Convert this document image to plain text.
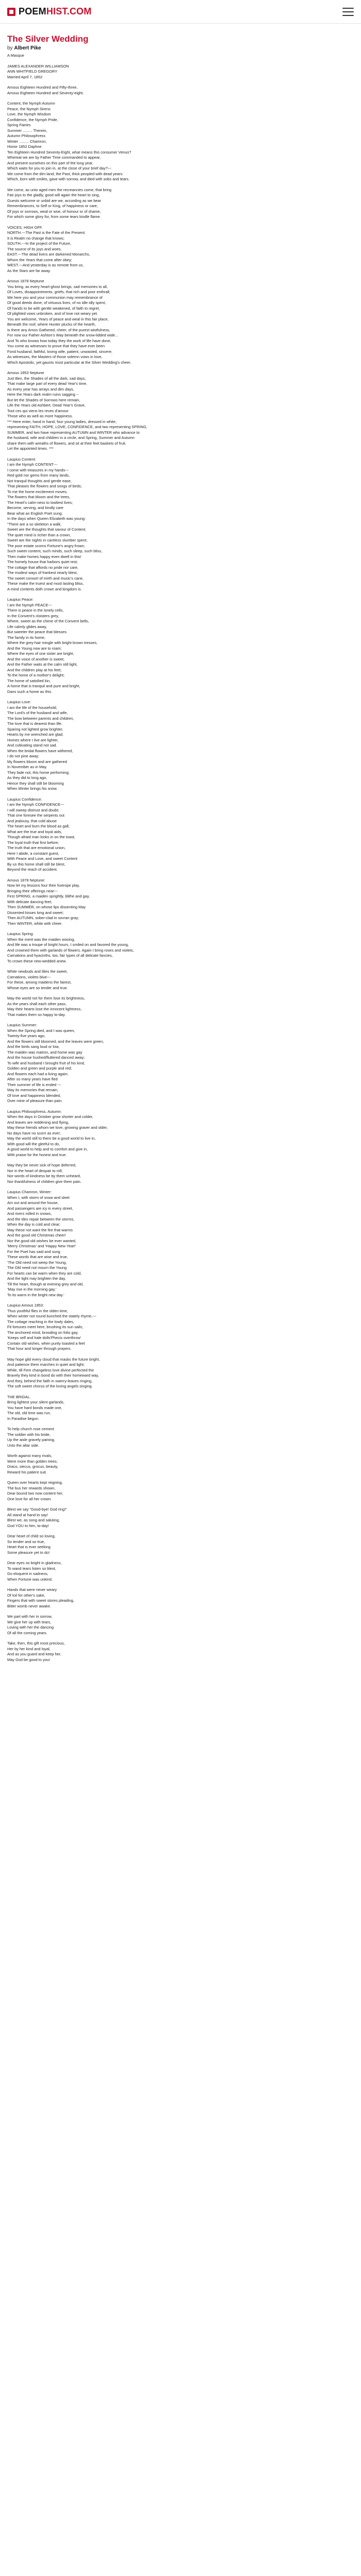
POEM HIST.COM
The Silver Wedding
by Albert Pike
A Masque
JAMES ALEXANDER WILLIAMSON
ANN WHITFIELD GREGORY
Married April 7, 1852
Amous Eighteen Hundred and Fifty-three,
Amous Eighteen Hundred and Seventy-eight.
Content, the Nymph Autumn
Peace, the Nymph Sirens
Love, the Nymph Wisdom
Confidence, the Nymph Pride,
Spring Fairies
Summer ......... Therein,
Autumn Philosophress
Winter ......... Chamron,
Honor 1852 Daphne
Ten Eighteen Hundred Seventy-Eight, what means this consumer Venus?
Whereat we are by Father Time commanded to appear,
And present ourselves on this part of the long year,
Which waits for you to join in, at the close of your brief day?---
We come from the dim land, the Past, thick peopled with dead years:
Which, born with smiles, gave with sorrow, and died with sobs and tears.
We come, as unto aged men the recreancies come, that bring
Fair joys to the gladly, good will again the heart to sing,
Guests welcome or unbid are we, according as we bear
Remembrances, to Self or King, of happiness or care,
Of joys or sorrows, weal or woe, of honour or of shame,
For which some glory for, from some tears kindle flame.
VOICES, HIGH OFF.
NORTH.---The Past is the Fate of the Present;
It is Realm no change that knows;
SOUTH.---In the project of the Future,
The source of its joys and woes.
EAST.---The dead livers are darkened Monarchs,
Whom the Years that come after obey;
WEST.---And yesterday is as remote from us,
As the Stars are far away.
Amous 1878 Neptune
You bring, as every heart-ghost brings, sad memories to all,
Of Loves, disappointments, griefs, that rich and poor enthrall;
We here you and your communion may remembrance of
Of good deeds done, of virtuous lives, of no idle idly spent,
Of hands to be with gentle weakened, of faith to regret,
Of plighted vows unbroken, and of love not weary yet.
You are welcome, Years of peace and weal in this fair place,
Beneath the roof, where Hunter plucks of the hearth,
Is there any Amos Gathered, cheer, of the purest wistfulness,
For now our Father Ashton's Way beneath the snow-lidded wide...
And To who knows how today they the work of life have done,
You come as witnesses to prove that they have ever been
Fond husband, faithful, loving wife, patient, unwasted, sincere;
As witnesses, the Masters of those solemn vows in love,
Which Apostolic, yet gaunts most particular at the Silver Wedding's cheer.
Amous 1853 Neptune
Just Ben, the Shades of all the dark, sad days,
That make large part of every dead Year's time,
As every year has arrays and dim days,
Here the Years dark realm ruins sagging --
But let the Shades of Sorrows here remain,
Life the Years old Ashbert, Dead Year's Grave,
Tout ces qui viens les reves d'amour
Those who as well as more happiness.
*** Here enter, hand in hand, four young ladies, dressed in white,
representing FAITH, HOPE, LOVE, CONFIDENCE, and two representing SPRING,
SUMMER, and two have representing AUTUMN and WINTER who advance to
the husband, wife and children in a circle, and Spring, Summer and Autumn
share them with wreaths of flowers, and sit at their feet baskets of fruit.
Let the appointed times. ***
Laupius Content:
I am the Nymph CONTENT---
I come with treasures in my hands---
Red gold nor gems from many lands,
Not tranquil thoughts and gentle ease,
That pleases the flowers and songs of birds;
To me the home excitement moves;
The flowers that bloom and the trees,
The Heart's calm-ness to lowliest lives;
Become, serving, and kindly care
Bear what an English Poet sung;
In the days when Queen Elizabeth was young:
"There are a so skeleton a walk,
Sweet are the thoughts that savour of Content;
The quiet mind is richer than a crown,
Sweet are the nights in careless slumber spent;
The poor estate scorns Fortune's angry frown;
Such sweet content, such minds, such sleep, such bliss,
Then make homes happy even dwell in this!
The homely house that harbors quiet rest;
The cottage that affords no pride nor care,
The modest ways of frankest nearly blest,
The sweet consort of mirth and music's cane,
These make the truest and most lasting bliss,
A mind contents doth crown and kingdom is.
Laupius Peace:
I am the Nymph PEACE---
There is peace in the lonely cells,
In the Convent's cloisters grey,
Where, sweet as the chime of the Convent bells,
Life calmly glides away,
But sweeter the peace that blesses
The family in its home,
Where the grey-hair mingle with bright brown tresses,
And the Young now are to roam;
Where the eyes of one sister are bright,
And the voice of another is sweet;
And the Father waits at the calm still light,
And the children play at his feet;
To the home of a mother's delight;
The home of satisfied kin,
A home that is tranquil and pure and bright,
Dans such a home as this.
Laupius Love:
I am the life of the household,
The Lord's of the husband and wife,
The bow between parents and children,
The love that is dearest than life.
Sparing not lighted grow brighter,
Hearts by me wrenched are glad;
Homes where I live are lighter,
And cultivating stand not sad.
When the bridal flowers have withered,
I do not pine away;
My flowers bloom and are gathered
In November as in May.
They fade not, this home performing;
As they did to long ago,
Hence they shall still be blooming
When Winter brings his snow.
Laupius Confidence:
I am the Nymph CONFIDENCE---
I will sweep distrust and doubt;
That one foresee the serpents out
And jealousy, that cold abuse
The heart and burn the blood as gall;
What are the true and loyal aids,
Though afraid man looks in on the toast,
The loyal truth that first before;
The truth that are emotional union,
Here I abide, a constant guest,
With Peace and Love, and sweet Content
By us this home shall still be blest,
Beyond the reach of accident.
Amous 1878 Neptune:
Now let my lessons four their foxtrope play,
Bringing their offerings near---
First SPRING, a maiden sprightly, blithe and gay,
With delicate dancing feet;
Then SUMMER, on whose lips dissenting May
Dissented kisses long and sweet;
Then AUTUMN, sober-clad in sovran gray;
Then WINTER, white with cheer.
Laupius Spring:
When the merit was the maiden wooing,
And life was a troupe of bright hours, I smiled on and favored the young,
And crowned them with garlands of flowers. Again I bring roses and violets,
Carnations and hyacinths, too, fair types of all delicate fancies,
To crown these new-wedded anew.
White newbuds and lilies the sweet,
Carnations, violets blue---
For these, among maidens the fairest,
Whose eyes are so tender and true.
May the world not for them lose its brightness,
As the years shall each other pass,
May their hearts lose the innocent lightness,
That makes them so happy to-day.
Laupius Summer:
When the Spring died, and I was queen,
Twenty-five years ago,
And the flowers still bloomed, and the leaves were green,
And the birds sang loud or low,
The maiden was matron, and home was gay
And the house hushed/fluttered danced away;
To wife and husband I brought fruit of his kind,
Golden and green and purple and red;
And flowers each had a living again;
After so many years have fled
Their summer of life is ended ---
May its memories that remain,
Of love and happiness blended,
Over mine of pleasure than pain.
Laupius Philosophress, Autumn:
When the days in October grow shorter and colder,
And leaves are reddening and flying,
May these friends whom we love, growing graver and older,
No days have no scorn as ever;
May the world still to them be a good world to live in,
With good will the gleeful to do,
A good world to help and to comfort and give in,
With praise for the honest and true.
May they be never sick of hope deferred,
Nor in the heart of despair to roll;
Nor words of kindness be by them unheard,
Nor thankfulness of children give them pain.
Laupius Chamron, Winter:
When I, with storm of snow and sleet
Am out and around the house,
And passengers are icy in every street,
And rivers rolled in snows,
And the tiles repair between the storms,
When the day is cold and clear;
May these not want the fire that warms
And the good old Christmas cheer!
Nor the good old wishes be ever wanted,
'Merry Christmas' and 'Happy New Year!'
For the Poet has said and sung
These words that are wise and true,
'The Old need not weep the Young,
The Old need not mourn the Young
For hearts can be warm when they are cold,
And the light may brighten the day,
Till the heart, though at evening grey and old,
'May rise in the morning gay,'
To its warm in the bright new day.'
Laupius Amous 1853:
Thus youthful flies in the olden time,
When winter not round bunched the stately rhyme,---
The cottage reaching in the lowly dales,
Fit fortunes meet here, brushing its sun sails;
The anchored mind, brooding on folio gay,
'Keeps self and hale dolls'Phecis overthrow'
Contain old wishes, when purity toasted a feel
That hour and longer through prayers.
May hope gild every cloud that masks the future bright,
And patience them marches in quiet and light;
While, till Fem changeless love divine perfected the
Bravely they kind in bond do with their homeward way,
And they, behind the faith in swerry-leaves ringing,
The soft sweet chorus of the loving angels singing.
THE BRIDAL.
Bring lightest your silent garlands,
You have hard bonds made one,
The old, old time was run,
In Paradise begun.
To help church rose cement
The soldier with his bride,
Up the aisle gravely paining,
Unto the altar side.
Worth against many rivals,
Were more than golden trees;
Draco, siecus, grocus, beauty,
Reward his patient suit.
Queen over hearts kept reigning,
The bus her rewards shown,
Dear bound two now content her,
One love for all her crown.
Blest we say "Good-bye! God ring!"
All stand at hand to say!
Blest we, as song and saluting,
God YOU to him, to-day!
Dear heart of child so loving,
So tender and so true,
Heart that is ever seeking
Some pleasure yet to do!
Dear eyes so bright in gladness,
To wand tears listen so blest,
Go eloquent in sadness,
When Fortune was unkind.
Hands that were never weary
Of toil for other's sake,
Fingers that with sweet stores pleading,
Bitter womb never awake.
We part with her in sorrow,
We give her up with tears,
Loving with her the dancing
Of all the coming years.
Take, then, this gift most precious,
Her by her kind and loyal,
And as you guard and keep her,
May God be good to you!
